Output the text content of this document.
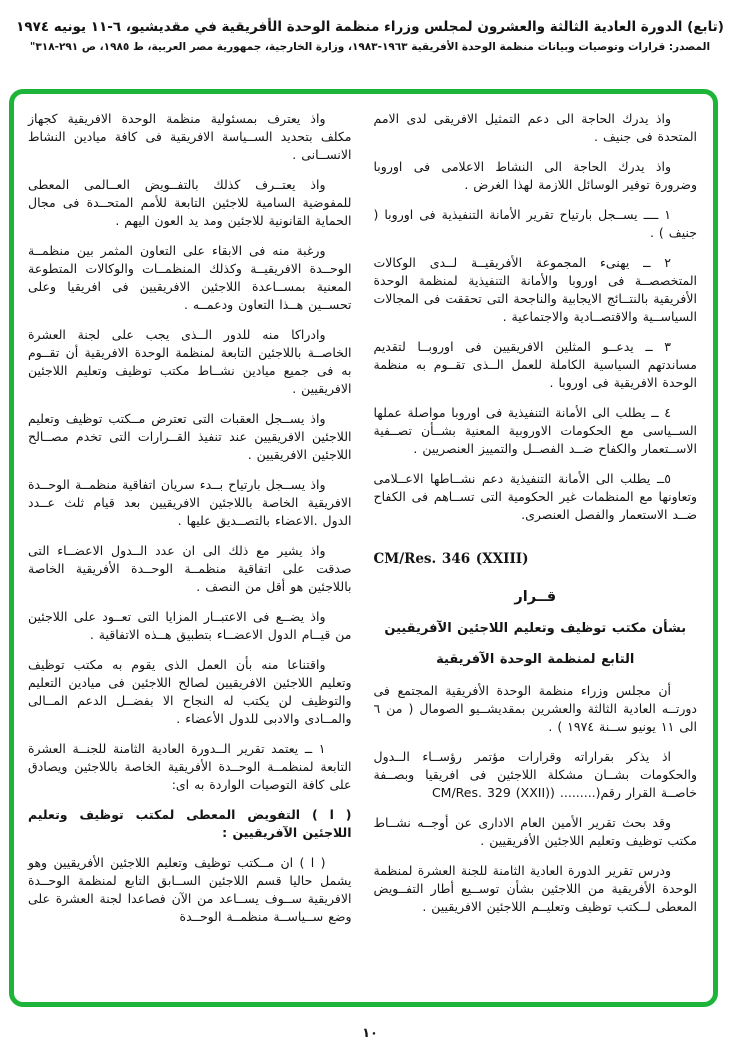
(تابع) الدورة العادية الثالثة والعشرون لمجلس وزراء منظمة الوحدة الأفريقية في مقديشيو، ٦-١١ يونيه ١٩٧٤
المصدر: قرارات وتوصيات وبيانات منظمة الوحدة الأفريقية ١٩٦٣-١٩٨٣، وزارة الخارجية، جمهورية مصر العربية، ط ١٩٨٥، ص ٢٩١-٣١٨"

واذ يدرك الحاجة الى دعم التمثيل الافريقى لدى الامم المتحدة فى جنيف .

واذ يدرك الحاجة الى النشاط الاعلامى فى اوروبا وضرورة توفير الوسائل اللازمة لهذا الغرض .

١ ــــ يســجل بارتياح تقرير الأمانة التنفيذية فى اوروبا ( جنيف ) .

٢ ــ يهنىء المجموعة الأفريقيــة لــدى الوكالات المتخصصــة فى اوروبا والأمانة التنفيذية لمنظمة الوحدة الأفريقية بالنتــائج الايجابية والناجحة التى تحققت فى المجالات السياســية والاقتصــادية والاجتماعية .

٣ ــ يدعــو المثلين الافريقيين فى اوروبــا لتقديم مساندتهم السياسية الكاملة للعمل الــذى تقــوم به منظمة الوحدة الافريقية فى اوروبا .

٤ ــ يطلب الى الأمانة التنفيذية فى اوروبا مواصلة عملها الســياسى مع الحكومات الاوروبية المعنية بشــأن تصــفية الاســتعمار والكفاح ضــد الفصــل والتمييز العنصريين .

٥ــ يطلب الى الأمانة التنفيذية دعم نشــاطها الاعــلامى وتعاونها مع المنظمات غير الحكومية التى تســاهم فى الكفاح ضــد الاستعمار والفصل العنصرى.

CM/Res. 346 (XXIII)

قــرار

بشأن مكتب توظيف وتعليم اللاجئين الآفريقيين

التابع لمنظمة الوحدة الآفريقية

أن مجلس وزراء منظمة الوحدة الأفريقية المجتمع فى دورتــه العادية الثالثة والعشرين بمقديشــيو الصومال ( من ٦ الى ١١ يونيو ســنة ١٩٧٤ ) .

اذ يذكر بقراراته وقرارات مؤتمر رؤســاء الــدول والحكومات بشــان مشكلة اللاجئين فى افريقيا وبصــفة خاصــة القرار رقم(......... (CM/Res. 329 (XXII)

وقد بحث تقرير الأمين العام الادارى عن أوجــه نشــاط مكتب توظيف وتعليم اللاجئين الأفريقيين .

ودرس تقرير الدورة العادية الثامنة للجنة العشرة لمنظمة الوحدة الأفريقية من اللاجئين بشأن توســيع أطار التفــويض المعطى لــكتب توظيف وتعليــم اللاجئين الافريقيين .

واذ يعترف بمسئولية منظمة الوحدة الافريقية كجهاز مكلف بتحديد الســياسة الافريقية فى كافة ميادين النشاط الانســانى .

واذ يعتــرف كذلك بالتفــويض العــالمى المعطى للمفوضية السامية للاجئين التابعة للأمم المتحــدة فى مجال الحماية القانونية للاجئين ومد يد العون اليهم .

ورغبة منه فى الابقاء على التعاون المثمر بين منظمــة الوحــدة الافريقيــة وكذلك المنظمــات والوكالات المتطوعة المعنية بمســاعدة اللاجئين الافريقيين فى افريقيا وعلى تحســين هــذا التعاون ودعمــه .

وادراكا منه للدور الــذى يجب على لجنة العشرة الخاصــة باللاجئين التابعة لمنظمة الوحدة الافريقية أن تقــوم به فى جميع ميادين نشــاط مكتب توظيف وتعليم اللاجئين الافريقيين .

واذ يســجل العقبات التى تعترض مــكتب توظيف وتعليم اللاجئين الافريقيين عند تنفيذ القــرارات التى تخدم مصــالح اللاجئين الافريقيين .

واذ يســجل بارتياح بــدء سريان اتفاقية منظمــة الوحــدة الافريقية الخاصة باللاجئين الافريقيين بعد قيام ثلث عــدد الدول .الاعضاء بالتصــديق عليها .

واذ يشير مع ذلك الى ان عدد الــدول الاعضــاء التى صدقت على اتفاقية منظمــة الوحــدة الأفريقية الخاصة باللاجئين هو أقل من النصف .

واذ يضــع فى الاعتبــار المزايا التى تعــود على اللاجئين من قيــام الدول الاعضــاء بتطبيق هــذه الاتفاقية .

واقتناعا منه بأن العمل الذى يقوم به مكتب توظيف وتعليم اللاجئين الافريقيين لصالح اللاجئين فى ميادين التعليم والتوظيف لن يكتب له النجاح الا بفضــل الدعم المــالى والمــادى والادبى للدول الأعضاء .

١ ــ يعتمد تقرير الــدورة العادية الثامنة للجنــة العشرة التابعة لمنظمــة الوحــدة الأفريقية الخاصة باللاجئين ويصادق على كافة التوصيات الواردة به اى:

( ا ) التفويض المعطى لمكتب توظيف وتعليم اللاجئين الآفريقيين :

( ا ) ان مــكتب توظيف وتعليم اللاجئين الأفريقيين وهو يشمل حاليا قسم اللاجئين الســابق التابع لمنظمة الوحــدة الافريقية ســوف يســاعد من الآن فصاعدا لجنة العشرة على وضع ســياســة منظمــة الوحــدة

١٠
